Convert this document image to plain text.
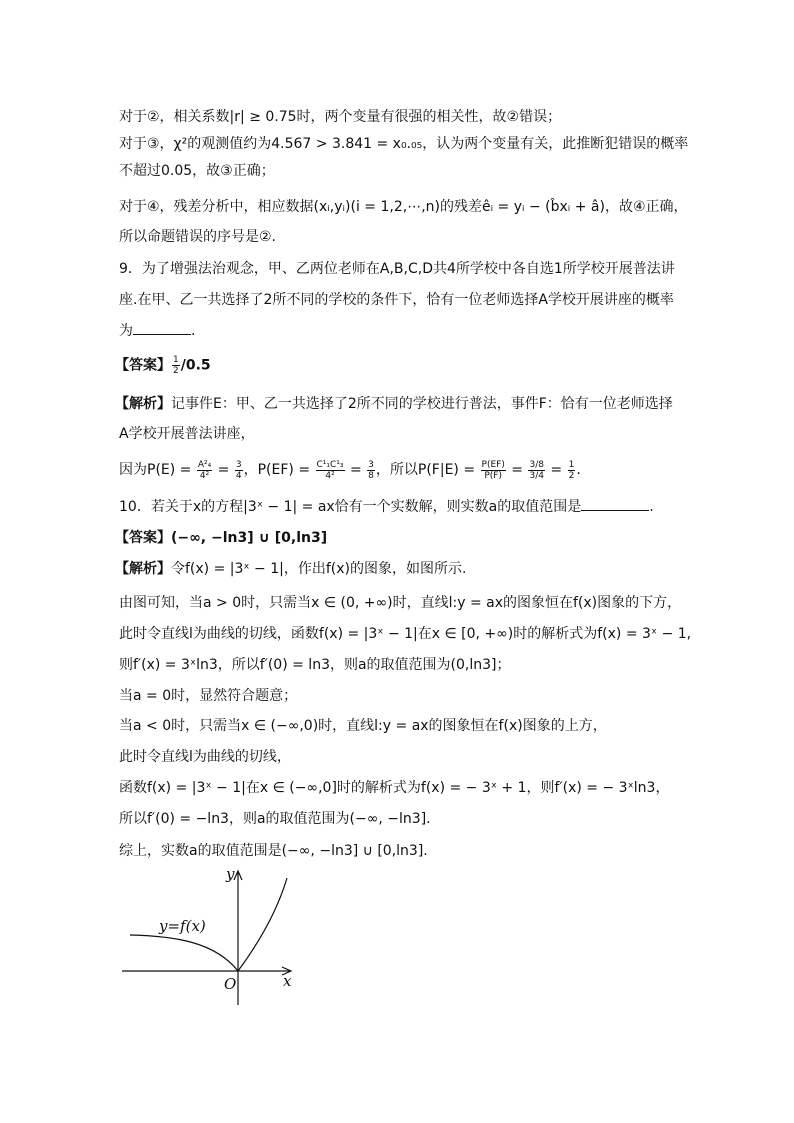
对于②，相关系数|r| ≥ 0.75时，两个变量有很强的相关性，故②错误；
对于③，χ²的观测值约为4.567 > 3.841 = x₀.₀₅，认为两个变量有关，此推断犯错误的概率
不超过0.05，故③正确；
对于④，残差分析中，相应数据(xᵢ,yᵢ)(i = 1,2,⋯,n)的残差êᵢ = yᵢ − (b̂xᵢ + â)，故④正确，
所以命题错误的序号是②.
9．为了增强法治观念，甲、乙两位老师在A,B,C,D共4所学校中各自选1所学校开展普法讲
座.在甲、乙一共选择了2所不同的学校的条件下，恰有一位老师选择A学校开展讲座的概率
为	.
【答案】 $\frac{1}{2} /0.5$
【解析】记事件E：甲、乙一共选择了2所不同的学校进行普法，事件F：恰有一位老师选择
A学校开展普法讲座，
因为$P(E) = \frac{\text{A²₄}}{\text{4²}} = \frac{3}{4}$ ，$P(EF) = \frac{\text{C¹₁C¹₃}}{\text{4²}} = \frac{3}{8}$ ，所以$P(F|E) = \frac{P(EF)}{P(F)} = \frac{3/8}{3/4} = \frac{1}{2}$ .
10．若关于x的方程|3ˣ − 1| = ax恰有一个实数解，则实数a的取值范围是	.
【答案】(−∞, −ln3] ∪ [0,ln3]
【解析】令f(x) = |3ˣ − 1|，作出f(x)的图象，如图所示.
由图可知，当a > 0时，只需当x ∈ (0, +∞)时，直线l:y = ax的图象恒在f(x)图象的下方，
此时令直线l为曲线的切线，函数f(x) = |3ˣ − 1|在x ∈ [0, +∞)时的解析式为f(x) = 3ˣ − 1,
则f′(x) = 3ˣln3，所以f′(0) = ln3，则a的取值范围为(0,ln3]；
当a = 0时，显然符合题意；
当a < 0时，只需当x ∈ (−∞,0)时，直线l:y = ax的图象恒在f(x)图象的上方，
此时令直线l为曲线的切线，
函数f(x) = |3ˣ − 1|在x ∈ (−∞,0]时的解析式为f(x) = − 3ˣ + 1，则f′(x) = − 3ˣln3，
所以f′(0) = −ln3，则a的取值范围为(−∞, −ln3].
综上，实数a的取值范围是(−∞, −ln3] ∪ [0,ln3].
y
x
O
y=f(x)
